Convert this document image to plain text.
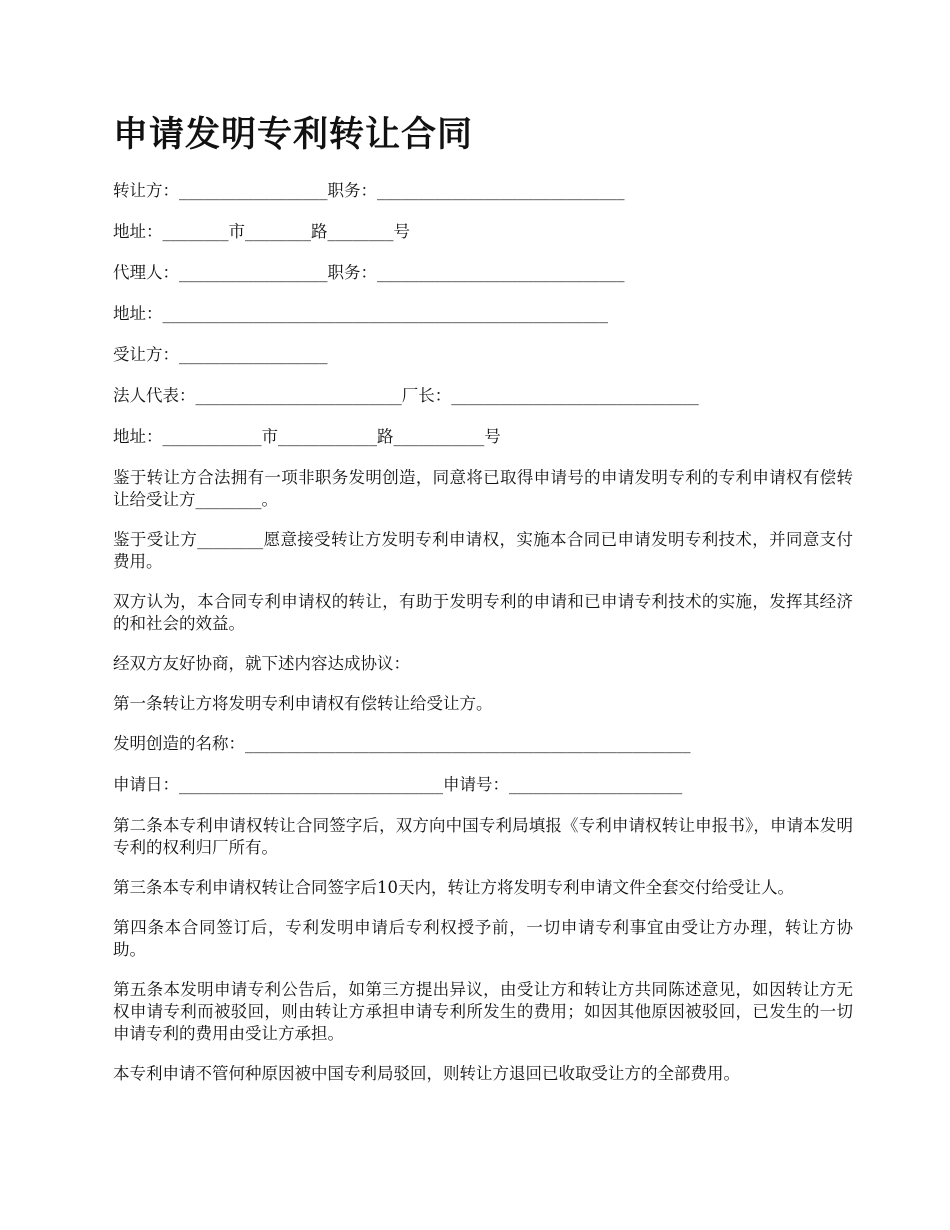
申请发明专利转让合同
转让方：__________________职务：______________________________
地址：________市________路________号
代理人：__________________职务：______________________________
地址：______________________________________________________
受让方：__________________
法人代表：_________________________厂长：______________________________
地址：____________市____________路___________号

鉴于转让方合法拥有一项非职务发明创造，同意将已取得申请号的申请发明专利的专利申请权有偿转让给受让方________。

鉴于受让方________愿意接受转让方发明专利申请权，实施本合同已申请发明专利技术，并同意支付费用。

双方认为，本合同专利申请权的转让，有助于发明专利的申请和已申请专利技术的实施，发挥其经济的和社会的效益。

经双方友好协商，就下述内容达成协议：

第一条转让方将发明专利申请权有偿转让给受让方。

发明创造的名称：______________________________________________________
申请日：________________________________申请号：_____________________

第二条本专利申请权转让合同签字后，双方向中国专利局填报《专利申请权转让申报书》，申请本发明专利的权利归厂所有。

第三条本专利申请权转让合同签字后10天内，转让方将发明专利申请文件全套交付给受让人。

第四条本合同签订后，专利发明申请后专利权授予前，一切申请专利事宜由受让方办理，转让方协助。

第五条本发明申请专利公告后，如第三方提出异议，由受让方和转让方共同陈述意见，如因转让方无权申请专利而被驳回，则由转让方承担申请专利所发生的费用；如因其他原因被驳回，已发生的一切申请专利的费用由受让方承担。

本专利申请不管何种原因被中国专利局驳回，则转让方退回已收取受让方的全部费用。
